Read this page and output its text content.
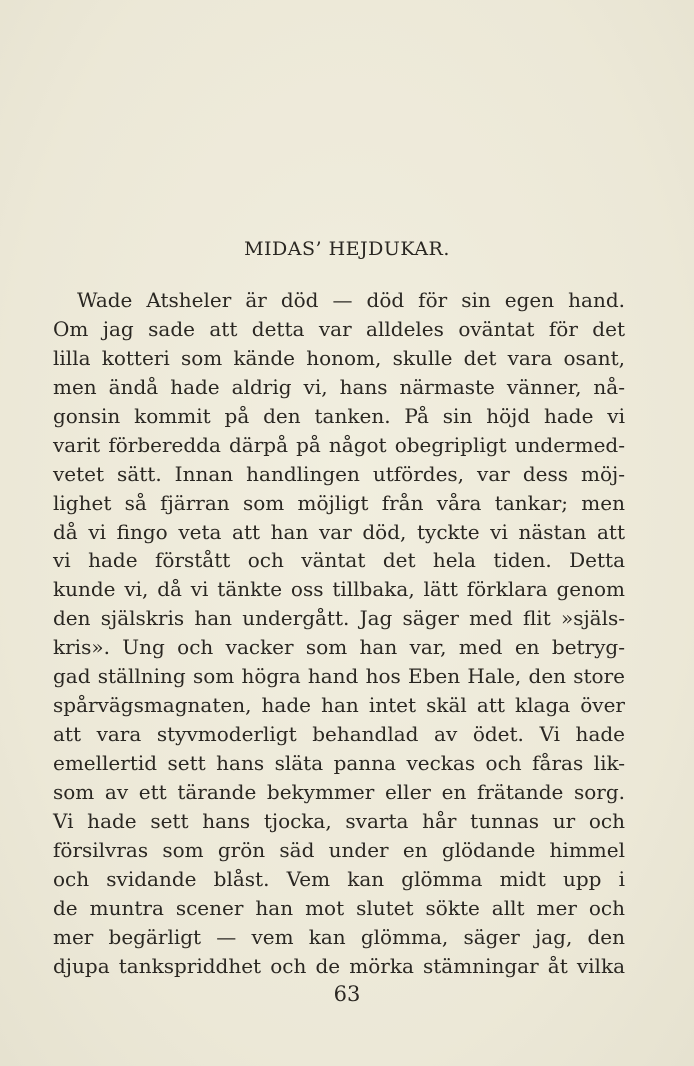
MIDAS’ HEJDUKAR.
Wade Atsheler är död — död för sin egen hand.
Om jag sade att detta var alldeles oväntat för det
lilla kotteri som kände honom, skulle det vara osant,
men ändå hade aldrig vi, hans närmaste vänner, nå-
gonsin kommit på den tanken. På sin höjd hade vi
varit förberedda därpå på något obegripligt undermed-
vetet sätt. Innan handlingen utfördes, var dess möj-
lighet så fjärran som möjligt från våra tankar; men
då vi fingo veta att han var död, tyckte vi nästan att
vi hade förstått och väntat det hela tiden. Detta
kunde vi, då vi tänkte oss tillbaka, lätt förklara genom
den själskris han undergått. Jag säger med flit »själs-
kris». Ung och vacker som han var, med en betryg-
gad ställning som högra hand hos Eben Hale, den store
spårvägsmagnaten, hade han intet skäl att klaga över
att vara styvmoderligt behandlad av ödet. Vi hade
emellertid sett hans släta panna veckas och fåras lik-
som av ett tärande bekymmer eller en frätande sorg.
Vi hade sett hans tjocka, svarta hår tunnas ur och
försilvras som grön säd under en glödande himmel
och svidande blåst. Vem kan glömma midt upp i
de muntra scener han mot slutet sökte allt mer och
mer begärligt — vem kan glömma, säger jag, den
djupa tankspriddhet och de mörka stämningar åt vilka
63
